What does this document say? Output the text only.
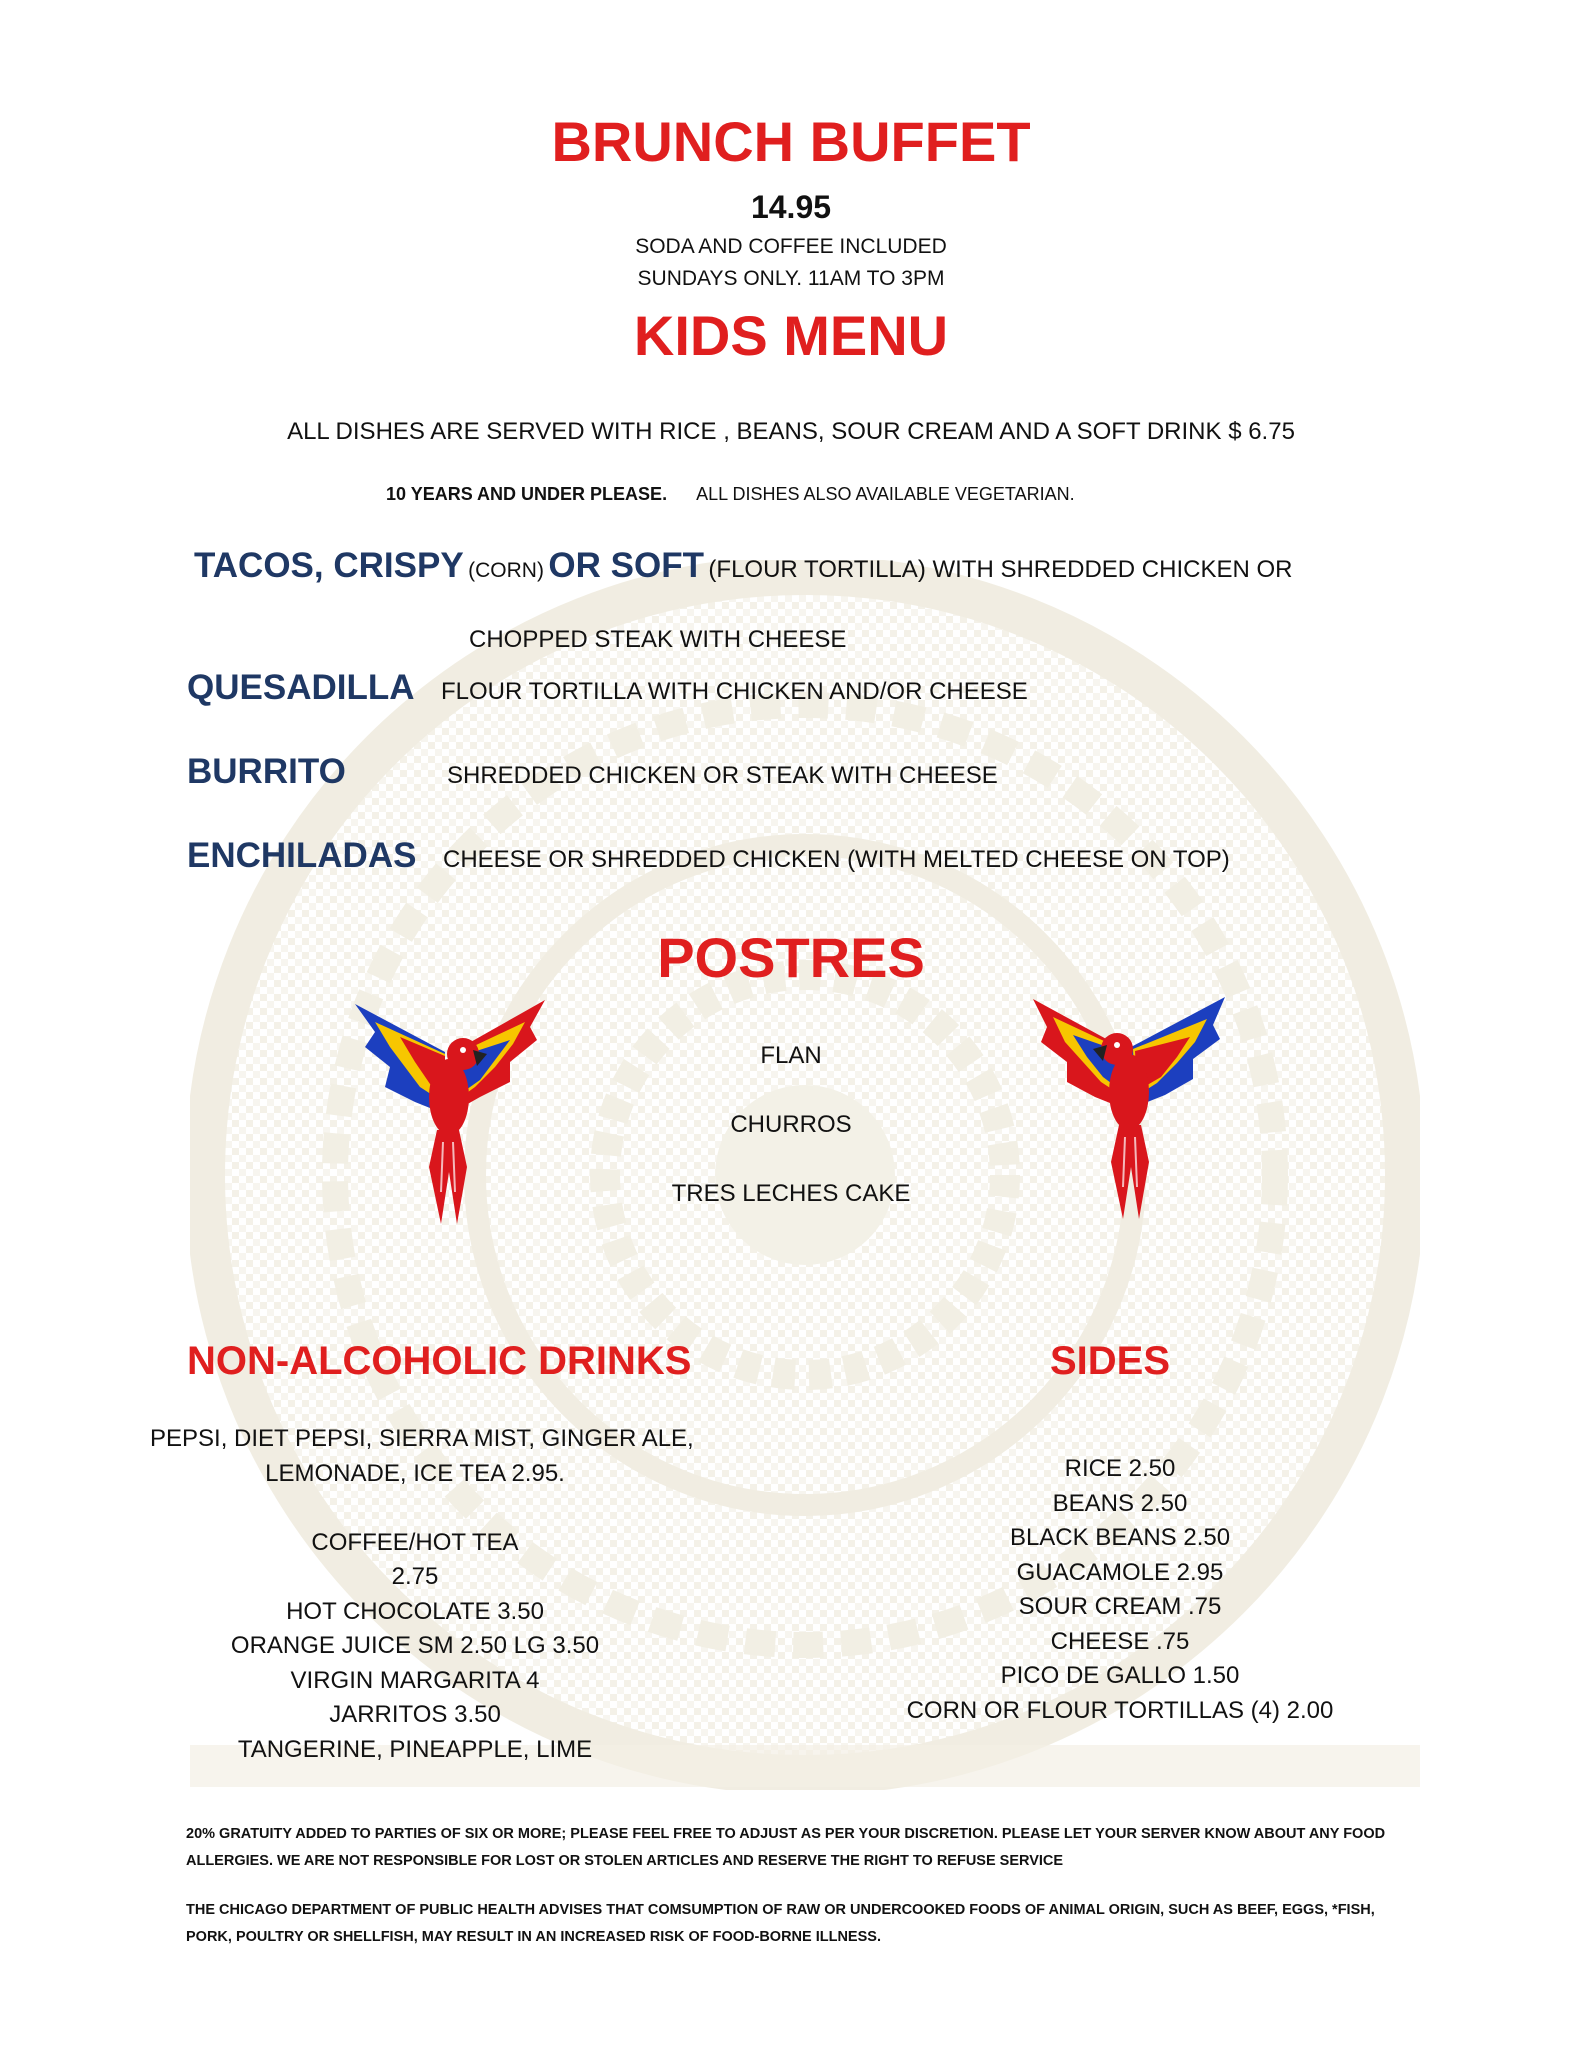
BRUNCH BUFFET
14.95
SODA AND COFFEE INCLUDED
SUNDAYS ONLY. 11AM TO 3PM
KIDS MENU
ALL DISHES ARE SERVED WITH RICE , BEANS, SOUR CREAM AND A SOFT DRINK $ 6.75
10 YEARS AND UNDER PLEASE. ALL DISHES ALSO AVAILABLE VEGETARIAN.
TACOS, CRISPY (CORN) OR SOFT (FLOUR TORTILLA) WITH SHREDDED CHICKEN OR
CHOPPED STEAK WITH CHEESE
QUESADILLA FLOUR TORTILLA WITH CHICKEN AND/OR CHEESE
BURRITO	SHREDDED CHICKEN OR STEAK WITH CHEESE
ENCHILADAS CHEESE OR SHREDDED CHICKEN (WITH MELTED CHEESE ON TOP)
POSTRES
FLAN
CHURROS
TRES LECHES CAKE
NON-ALCOHOLIC DRINKS
PEPSI, DIET PEPSI, SIERRA MIST, GINGER ALE,
LEMONADE, ICE TEA 2.95.
COFFEE/HOT TEA
2.75
HOT CHOCOLATE 3.50
ORANGE JUICE SM 2.50 LG 3.50
VIRGIN MARGARITA 4
JARRITOS 3.50
TANGERINE, PINEAPPLE, LIME
SIDES
RICE 2.50
BEANS 2.50
BLACK BEANS 2.50
GUACAMOLE 2.95
SOUR CREAM .75
CHEESE .75
PICO DE GALLO 1.50
CORN OR FLOUR TORTILLAS (4) 2.00
20% GRATUITY ADDED TO PARTIES OF SIX OR MORE; PLEASE FEEL FREE TO ADJUST AS PER YOUR DISCRETION. PLEASE LET YOUR SERVER KNOW ABOUT ANY FOOD ALLERGIES. WE ARE NOT RESPONSIBLE FOR LOST OR STOLEN ARTICLES AND RESERVE THE RIGHT TO REFUSE SERVICE
THE CHICAGO DEPARTMENT OF PUBLIC HEALTH ADVISES THAT COMSUMPTION OF RAW OR UNDERCOOKED FOODS OF ANIMAL ORIGIN, SUCH AS BEEF, EGGS, *FISH, PORK, POULTRY OR SHELLFISH, MAY RESULT IN AN INCREASED RISK OF FOOD-BORNE ILLNESS.
